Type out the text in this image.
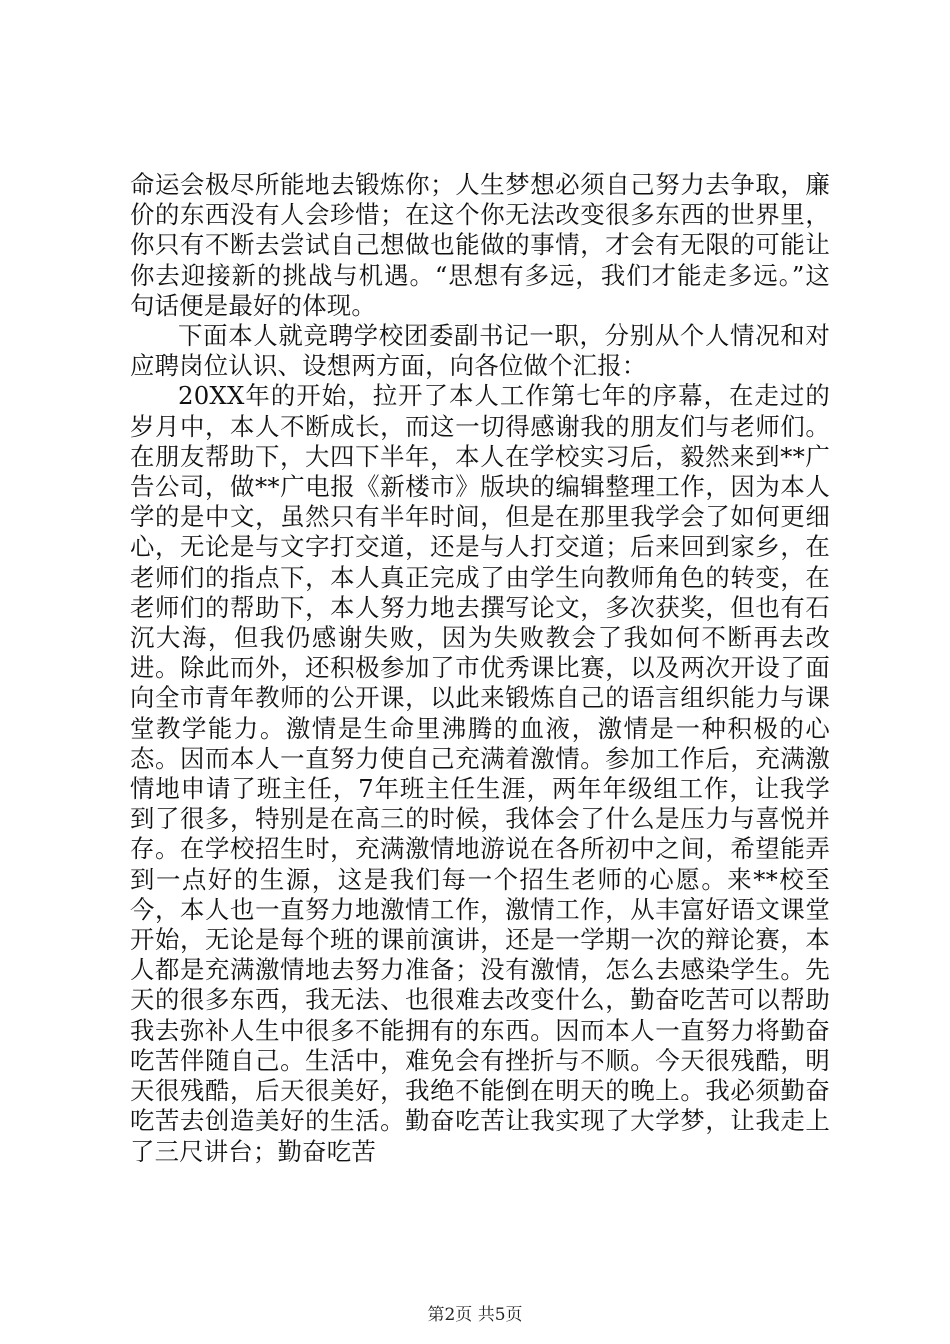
命运会极尽所能地去锻炼你；人生梦想必须自己努力去争取，廉价的东西没有人会珍惜；在这个你无法改变很多东西的世界里，你只有不断去尝试自己想做也能做的事情，才会有无限的可能让你去迎接新的挑战与机遇。“思想有多远，我们才能走多远。”这句话便是最好的体现。

下面本人就竞聘学校团委副书记一职，分别从个人情况和对应聘岗位认识、设想两方面，向各位做个汇报：

20XX年的开始，拉开了本人工作第七年的序幕，在走过的岁月中，本人不断成长，而这一切得感谢我的朋友们与老师们。在朋友帮助下，大四下半年，本人在学校实习后，毅然来到**广告公司，做**广电报《新楼市》版块的编辑整理工作，因为本人学的是中文，虽然只有半年时间，但是在那里我学会了如何更细心，无论是与文字打交道，还是与人打交道；后来回到家乡，在老师们的指点下，本人真正完成了由学生向教师角色的转变，在老师们的帮助下，本人努力地去撰写论文，多次获奖，但也有石沉大海，但我仍感谢失败，因为失败教会了我如何不断再去改进。除此而外，还积极参加了市优秀课比赛，以及两次开设了面向全市青年教师的公开课，以此来锻炼自己的语言组织能力与课堂教学能力。激情是生命里沸腾的血液，激情是一种积极的心态。因而本人一直努力使自己充满着激情。参加工作后，充满激情地申请了班主任，7年班主任生涯，两年年级组工作，让我学到了很多，特别是在高三的时候，我体会了什么是压力与喜悦并存。在学校招生时，充满激情地游说在各所初中之间，希望能弄到一点好的生源，这是我们每一个招生老师的心愿。来**校至今，本人也一直努力地激情工作，激情工作，从丰富好语文课堂开始，无论是每个班的课前演讲，还是一学期一次的辩论赛，本人都是充满激情地去努力准备；没有激情，怎么去感染学生。先天的很多东西，我无法、也很难去改变什么，勤奋吃苦可以帮助我去弥补人生中很多不能拥有的东西。因而本人一直努力将勤奋吃苦伴随自己。生活中，难免会有挫折与不顺。今天很残酷，明天很残酷，后天很美好，我绝不能倒在明天的晚上。我必须勤奋吃苦去创造美好的生活。勤奋吃苦让我实现了大学梦，让我走上了三尺讲台；勤奋吃苦

第2页 共5页
